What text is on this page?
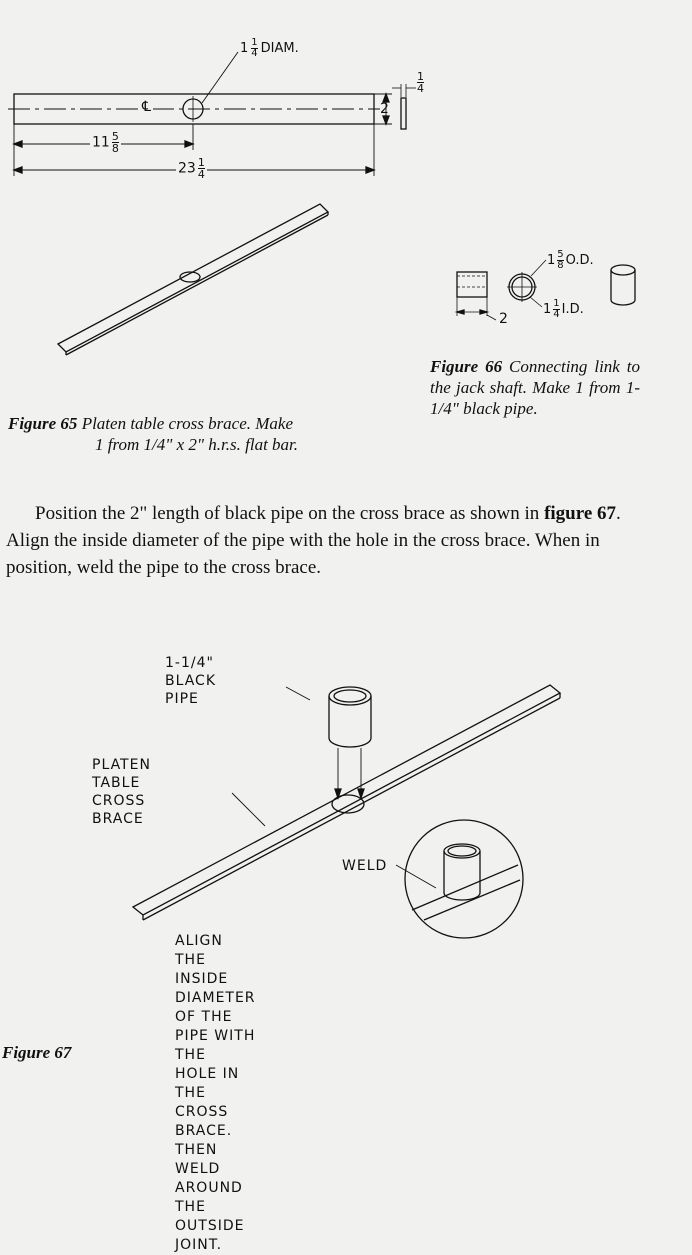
$1 \frac{1}{4}$ DIAM.
℄	2
$\frac{1}{4}$
$11 \frac{5}{8}$
$23 \frac{1}{4}$
$1 \frac{5}{8} O.D$.
$1 \frac{1}{4} I.D$.
2
Figure 65 Platen table cross brace. Make
1 from 1/4" x 2" h.r.s. flat bar.
Figure 66 Connecting link to the jack shaft. Make 1 from 1-1/4" black pipe.
Position the 2" length of black pipe on the cross brace as shown in figure 67. Align the inside diameter of the pipe with the hole in the cross brace. When in position, weld the pipe to the cross brace.
1-1/4"
BLACK PIPE
PLATEN TABLE
CROSS BRACE
WELD
ALIGN THE INSIDE DIAMETER
OF THE PIPE WITH THE
HOLE IN THE CROSS BRACE.
THEN WELD AROUND THE
OUTSIDE JOINT.
Figure 67
